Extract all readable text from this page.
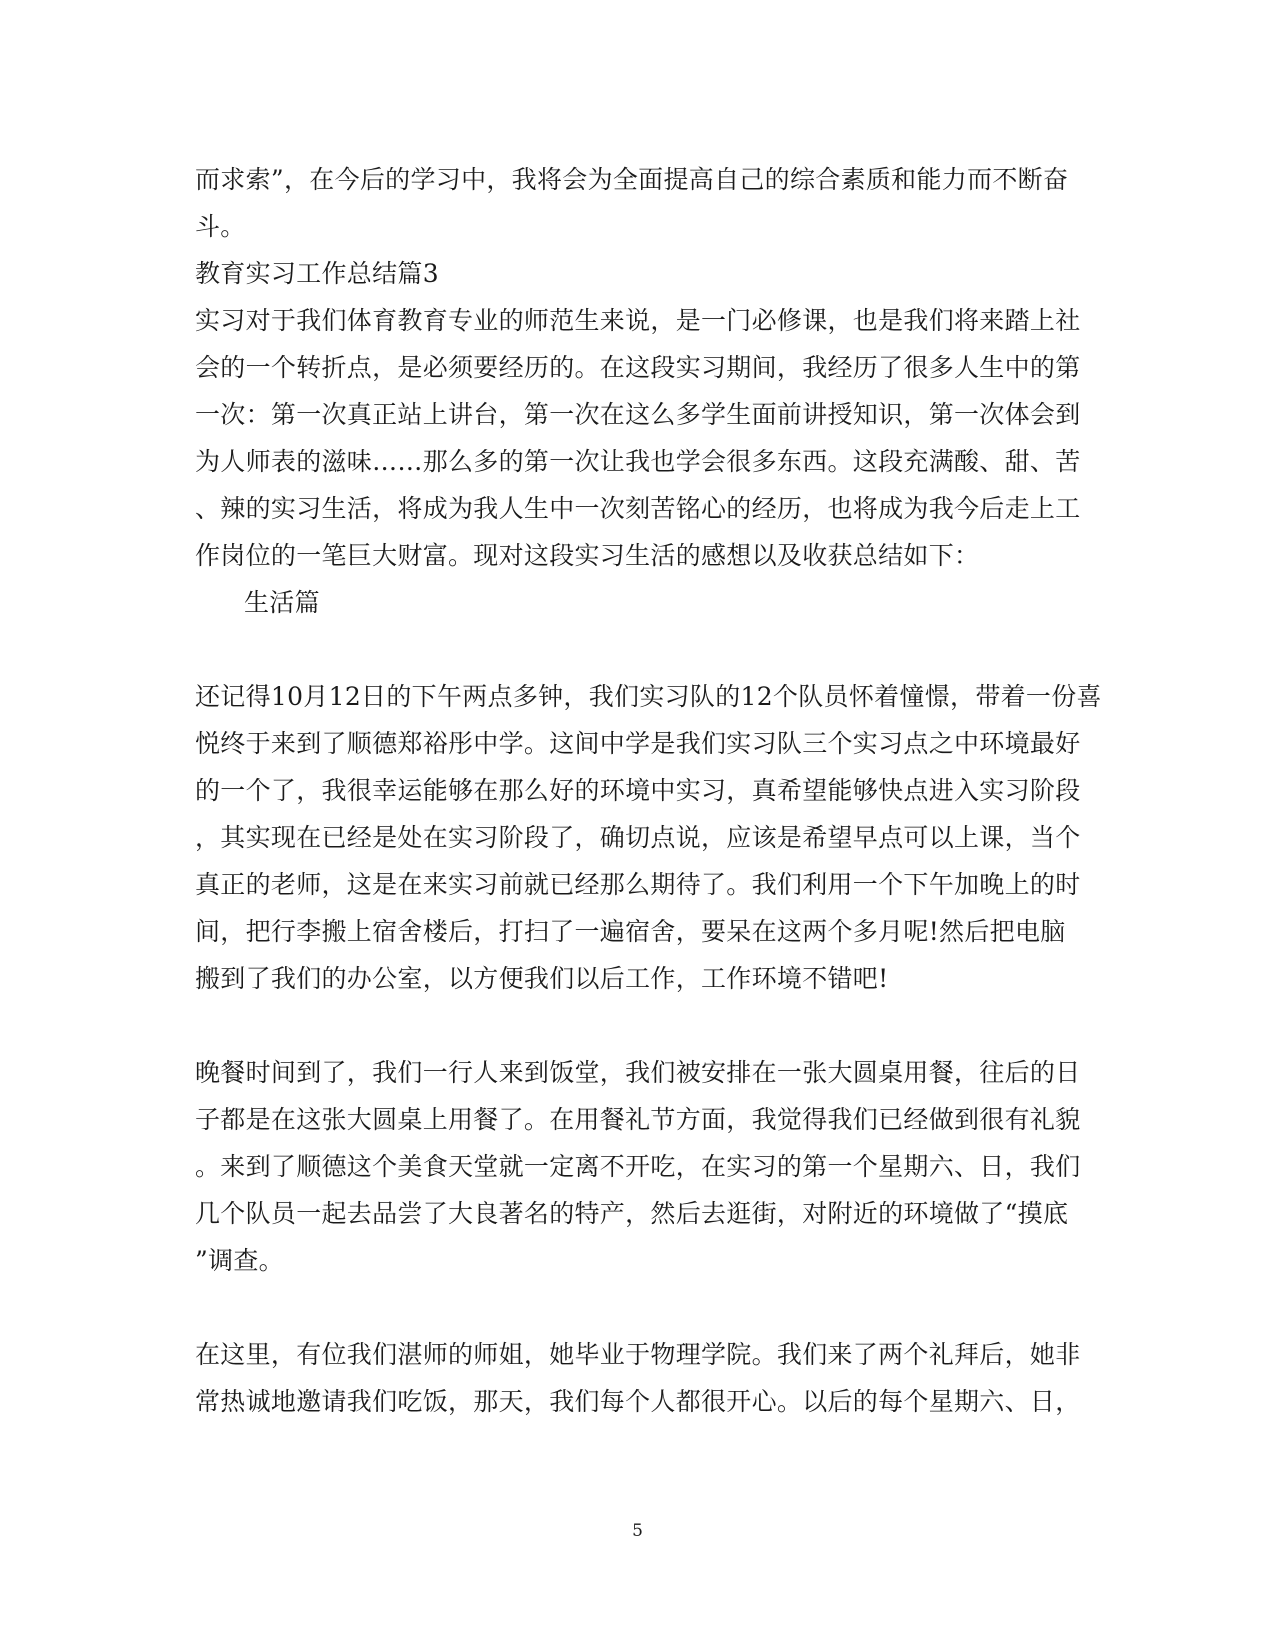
而求索”，在今后的学习中，我将会为全面提高自己的综合素质和能力而不断奋
斗。
教育实习工作总结篇3
实习对于我们体育教育专业的师范生来说，是一门必修课，也是我们将来踏上社
会的一个转折点，是必须要经历的。在这段实习期间，我经历了很多人生中的第
一次：第一次真正站上讲台，第一次在这么多学生面前讲授知识，第一次体会到
为人师表的滋味……那么多的第一次让我也学会很多东西。这段充满酸、甜、苦
、辣的实习生活，将成为我人生中一次刻苦铭心的经历，也将成为我今后走上工
作岗位的一笔巨大财富。现对这段实习生活的感想以及收获总结如下：
生活篇
还记得10月12日的下午两点多钟，我们实习队的12个队员怀着憧憬，带着一份喜
悦终于来到了顺德郑裕彤中学。这间中学是我们实习队三个实习点之中环境最好
的一个了，我很幸运能够在那么好的环境中实习，真希望能够快点进入实习阶段
，其实现在已经是处在实习阶段了，确切点说，应该是希望早点可以上课，当个
真正的老师，这是在来实习前就已经那么期待了。我们利用一个下午加晚上的时
间，把行李搬上宿舍楼后，打扫了一遍宿舍，要呆在这两个多月呢!然后把电脑
搬到了我们的办公室，以方便我们以后工作，工作环境不错吧!
晚餐时间到了，我们一行人来到饭堂，我们被安排在一张大圆桌用餐，往后的日
子都是在这张大圆桌上用餐了。在用餐礼节方面，我觉得我们已经做到很有礼貌
。来到了顺德这个美食天堂就一定离不开吃，在实习的第一个星期六、日，我们
几个队员一起去品尝了大良著名的特产，然后去逛街，对附近的环境做了“摸底
”调查。
在这里，有位我们湛师的师姐，她毕业于物理学院。我们来了两个礼拜后，她非
常热诚地邀请我们吃饭，那天，我们每个人都很开心。以后的每个星期六、日，
5
